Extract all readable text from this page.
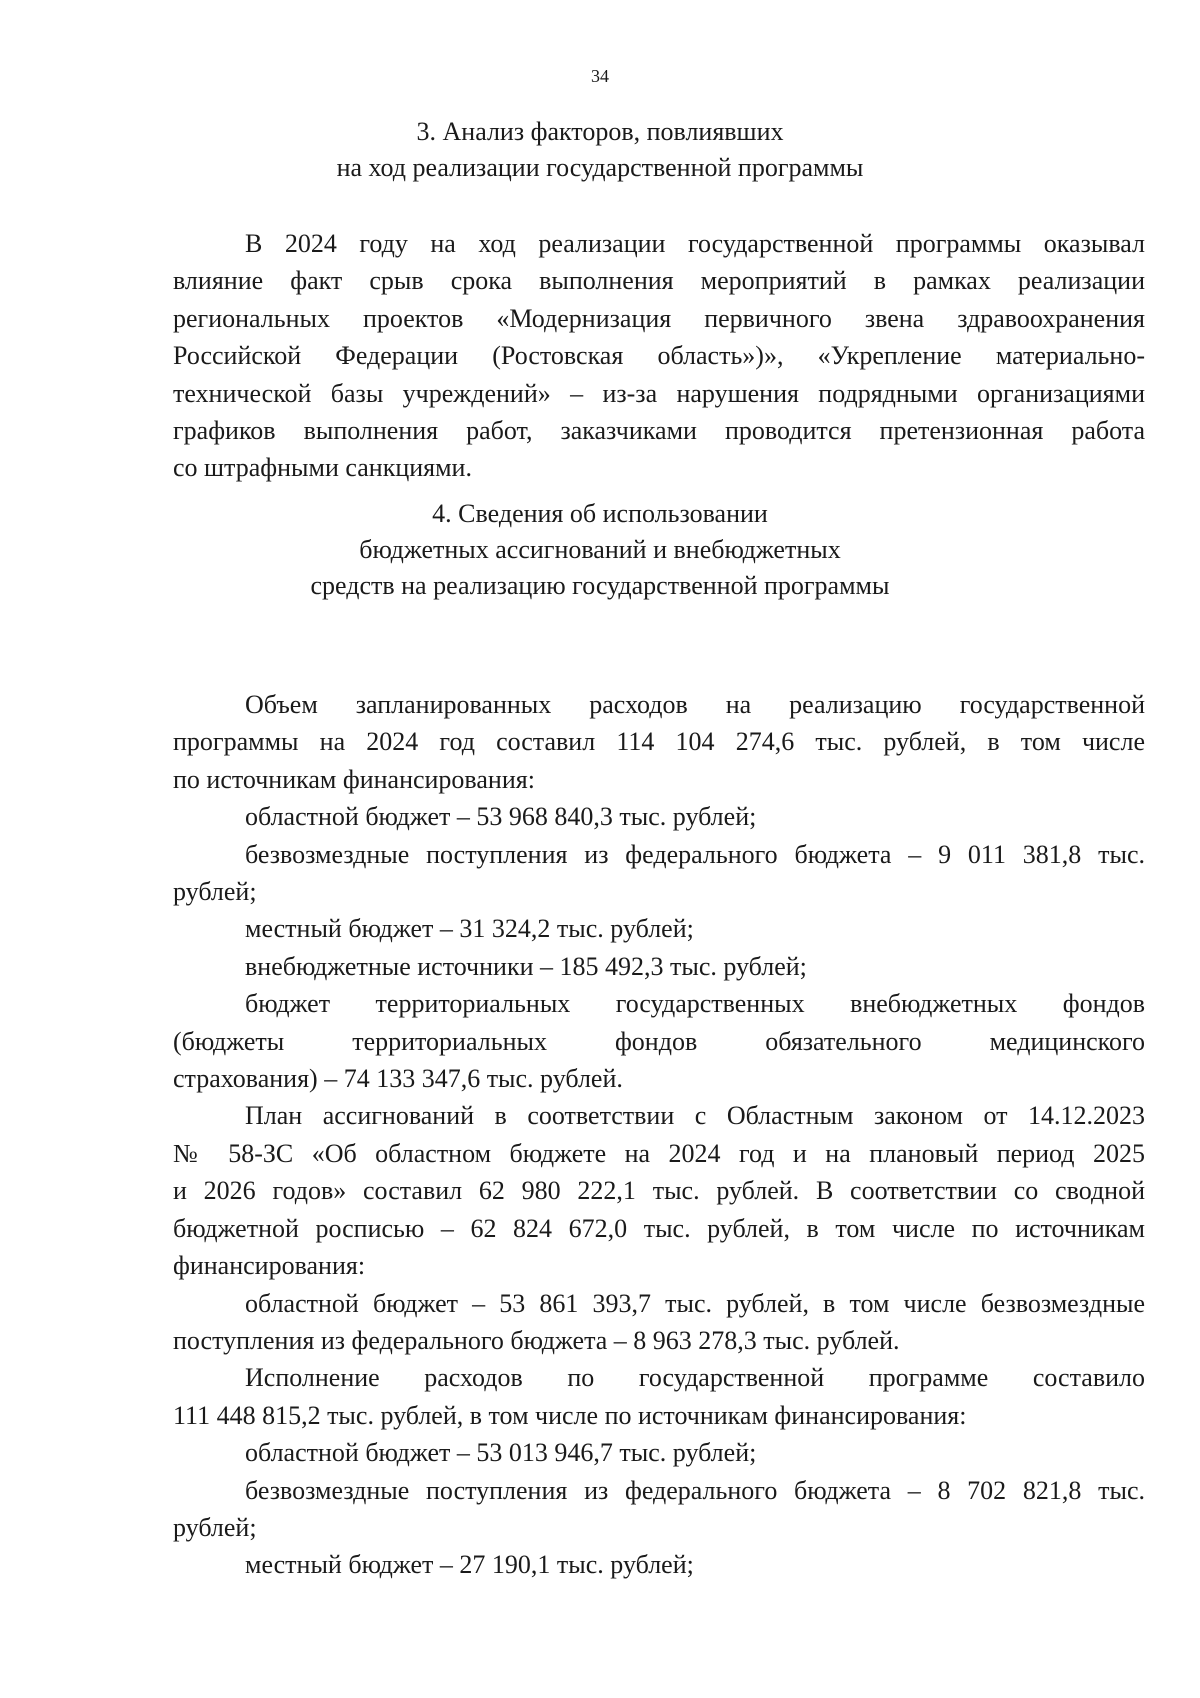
34
3. Анализ факторов, повлиявших
на ход реализации государственной программы

В 2024 году на ход реализации государственной программы оказывал

влияние факт срыв срока выполнения мероприятий в рамках реализации

региональных проектов «Модернизация первичного звена здравоохранения

Российской Федерации (Ростовская область»)», «Укрепление материально-

технической базы учреждений» – из-за нарушения подрядными организациями

графиков выполнения работ, заказчиками проводится претензионная работа

со штрафными санкциями.

4. Сведения об использовании
бюджетных ассигнований и внебюджетных
средств на реализацию государственной программы

Объем запланированных расходов на реализацию государственной

программы на 2024 год составил 114 104 274,6 тыс. рублей, в том числе

по источникам финансирования:

областной бюджет – 53 968 840,3 тыс. рублей;

безвозмездные поступления из федерального бюджета – 9 011 381,8 тыс.

рублей;

местный бюджет – 31 324,2 тыс. рублей;

внебюджетные источники – 185 492,3 тыс. рублей;

бюджет территориальных государственных внебюджетных фондов

(бюджеты территориальных фондов обязательного медицинского

страхования) – 74 133 347,6 тыс. рублей.

План ассигнований в соответствии с Областным законом от 14.12.2023

№ 58-ЗС «Об областном бюджете на 2024 год и на плановый период 2025

и 2026 годов» составил 62 980 222,1 тыс. рублей. В соответствии со сводной

бюджетной росписью – 62 824 672,0 тыс. рублей, в том числе по источникам

финансирования:

областной бюджет – 53 861 393,7 тыс. рублей, в том числе безвозмездные

поступления из федерального бюджета – 8 963 278,3 тыс. рублей.

Исполнение расходов по государственной программе составило

111 448 815,2 тыс. рублей, в том числе по источникам финансирования:

областной бюджет – 53 013 946,7 тыс. рублей;

безвозмездные поступления из федерального бюджета – 8 702 821,8 тыс.

рублей;

местный бюджет – 27 190,1 тыс. рублей;
